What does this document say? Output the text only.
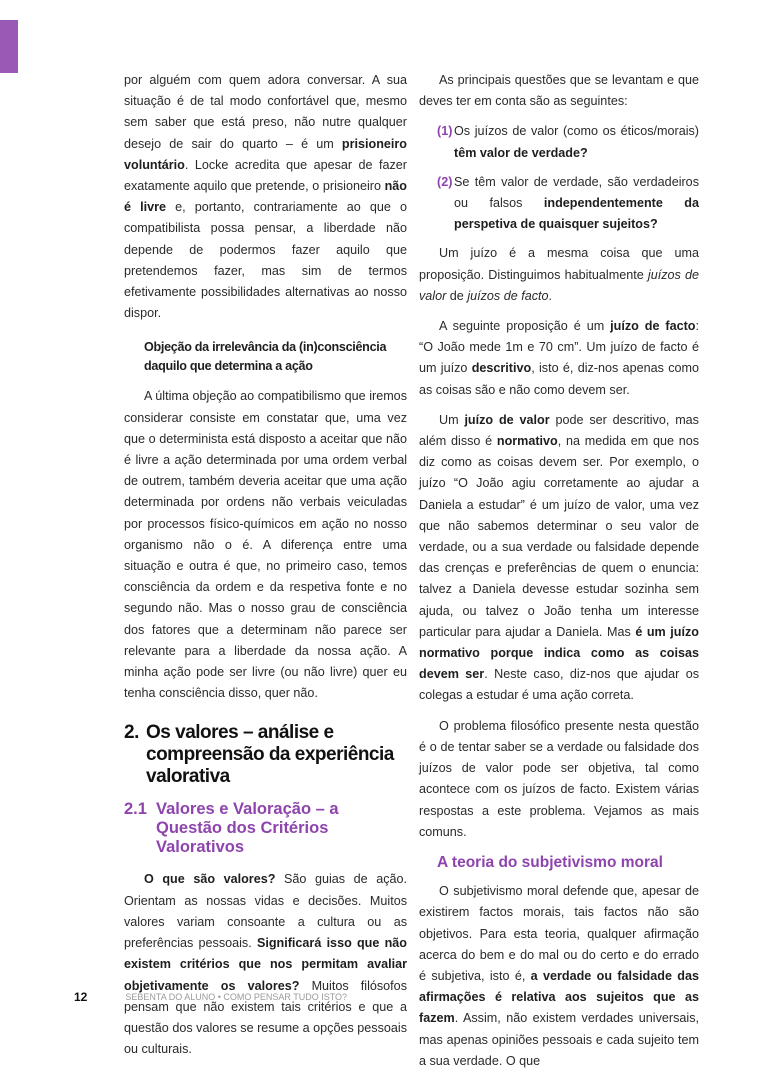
por alguém com quem adora conversar. A sua situação é de tal modo confortável que, mesmo sem saber que está preso, não nutre qualquer desejo de sair do quarto – é um prisioneiro voluntário. Locke acredita que apesar de fazer exatamente aquilo que pretende, o prisioneiro não é livre e, portanto, contrariamente ao que o compatibilista possa pensar, a liberdade não depende de podermos fazer aquilo que pretendemos fazer, mas sim de termos efetivamente possibilidades alternativas ao nosso dispor.

Objeção da irrelevância da (in)consciência
daquilo que determina a ação

A última objeção ao compatibilismo que iremos considerar consiste em constatar que, uma vez que o determinista está disposto a aceitar que não é livre a ação determinada por uma ordem verbal de outrem, também deveria aceitar que uma ação determinada por ordens não verbais veiculadas por processos físico-químicos em ação no nosso organismo não o é. A diferença entre uma situação e outra é que, no primeiro caso, temos consciência da ordem e da respetiva fonte e no segundo não. Mas o nosso grau de consciência dos fatores que a determinam não parece ser relevante para a liberdade da nossa ação. A minha ação pode ser livre (ou não livre) quer eu tenha consciência disso, quer não.

2. Os valores – análise e compreensão da experiência valorativa
2.1 Valores e Valoração – a Questão dos Critérios Valorativos

O que são valores? São guias de ação. Orientam as nossas vidas e decisões. Muitos valores variam consoante a cultura ou as preferências pessoais. Significará isso que não existem critérios que nos permitam avaliar objetivamente os valores? Muitos filósofos pensam que não existem tais critérios e que a questão dos valores se resume a opções pessoais ou culturais.

As principais questões que se levantam e que deves ter em conta são as seguintes:

(1) Os juízos de valor (como os éticos/morais) têm valor de verdade?
(2) Se têm valor de verdade, são verdadeiros ou falsos independentemente da perspetiva de quaisquer sujeitos?

Um juízo é a mesma coisa que uma proposição. Distinguimos habitualmente juízos de valor de juízos de facto.

A seguinte proposição é um juízo de facto: “O João mede 1m e 70 cm”. Um juízo de facto é um juízo descritivo, isto é, diz-nos apenas como as coisas são e não como devem ser.

Um juízo de valor pode ser descritivo, mas além disso é normativo, na medida em que nos diz como as coisas devem ser. Por exemplo, o juízo “O João agiu corretamente ao ajudar a Daniela a estudar” é um juízo de valor, uma vez que não sabemos determinar o seu valor de verdade, ou a sua verdade ou falsidade depende das crenças e preferências de quem o enuncia: talvez a Daniela devesse estudar sozinha sem ajuda, ou talvez o João tenha um interesse particular para ajudar a Daniela. Mas é um juízo normativo porque indica como as coisas devem ser. Neste caso, diz-nos que ajudar os colegas a estudar é uma ação correta.

O problema filosófico presente nesta questão é o de tentar saber se a verdade ou falsidade dos juízos de valor pode ser objetiva, tal como acontece com os juízos de facto. Existem várias respostas a este problema. Vejamos as mais comuns.

A teoria do subjetivismo moral

O subjetivismo moral defende que, apesar de existirem factos morais, tais factos não são objetivos. Para esta teoria, qualquer afirmação acerca do bem e do mal ou do certo e do errado é subjetiva, isto é, a verdade ou falsidade das afirmações é relativa aos sujeitos que as fazem. Assim, não existem verdades universais, mas apenas opiniões pessoais e cada sujeito tem a sua verdade. O que

12	SEBENTA DO ALUNO • COMO PENSAR TUDO ISTO?
